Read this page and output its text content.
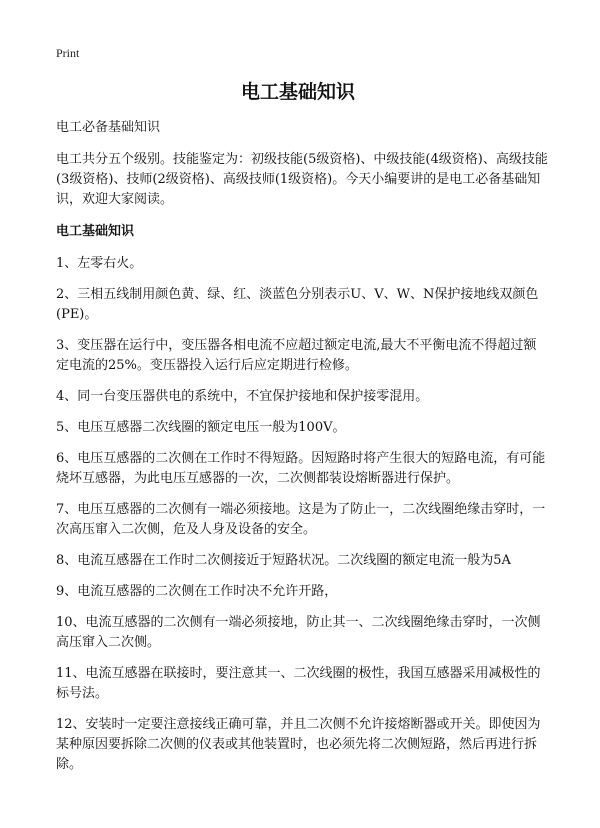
Print
电工基础知识

电工必备基础知识

电工共分五个级别。技能鉴定为：初级技能(5级资格)、中级技能(4级资格)、高级技能(3级资格)、技师(2级资格)、高级技师(1级资格)。今天小编要讲的是电工必备基础知识，欢迎大家阅读。

电工基础知识
1、左零右火。
2、三相五线制用颜色黄、绿、红、淡蓝色分别表示U、V、W、N保护接地线双颜色(PE)。
3、变压器在运行中，变压器各相电流不应超过额定电流,最大不平衡电流不得超过额定电流的25%。变压器投入运行后应定期进行检修。
4、同一台变压器供电的系统中，不宜保护接地和保护接零混用。
5、电压互感器二次线圈的额定电压一般为100V。
6、电压互感器的二次侧在工作时不得短路。因短路时将产生很大的短路电流，有可能烧坏互感器，为此电压互感器的一次，二次侧都装设熔断器进行保护。
7、电压互感器的二次侧有一端必须接地。这是为了防止一，二次线圈绝缘击穿时，一次高压窜入二次侧，危及人身及设备的安全。
8、电流互感器在工作时二次侧接近于短路状况。二次线圈的额定电流一般为5A
9、电流互感器的二次侧在工作时决不允许开路，
10、电流互感器的二次侧有一端必须接地，防止其一、二次线圈绝缘击穿时，一次侧高压窜入二次侧。
11、电流互感器在联接时，要注意其一、二次线圈的极性，我国互感器采用减极性的标号法。
12、安装时一定要注意接线正确可靠，并且二次侧不允许接熔断器或开关。即使因为某种原因要拆除二次侧的仪表或其他装置时，也必须先将二次侧短路，然后再进行拆除。
